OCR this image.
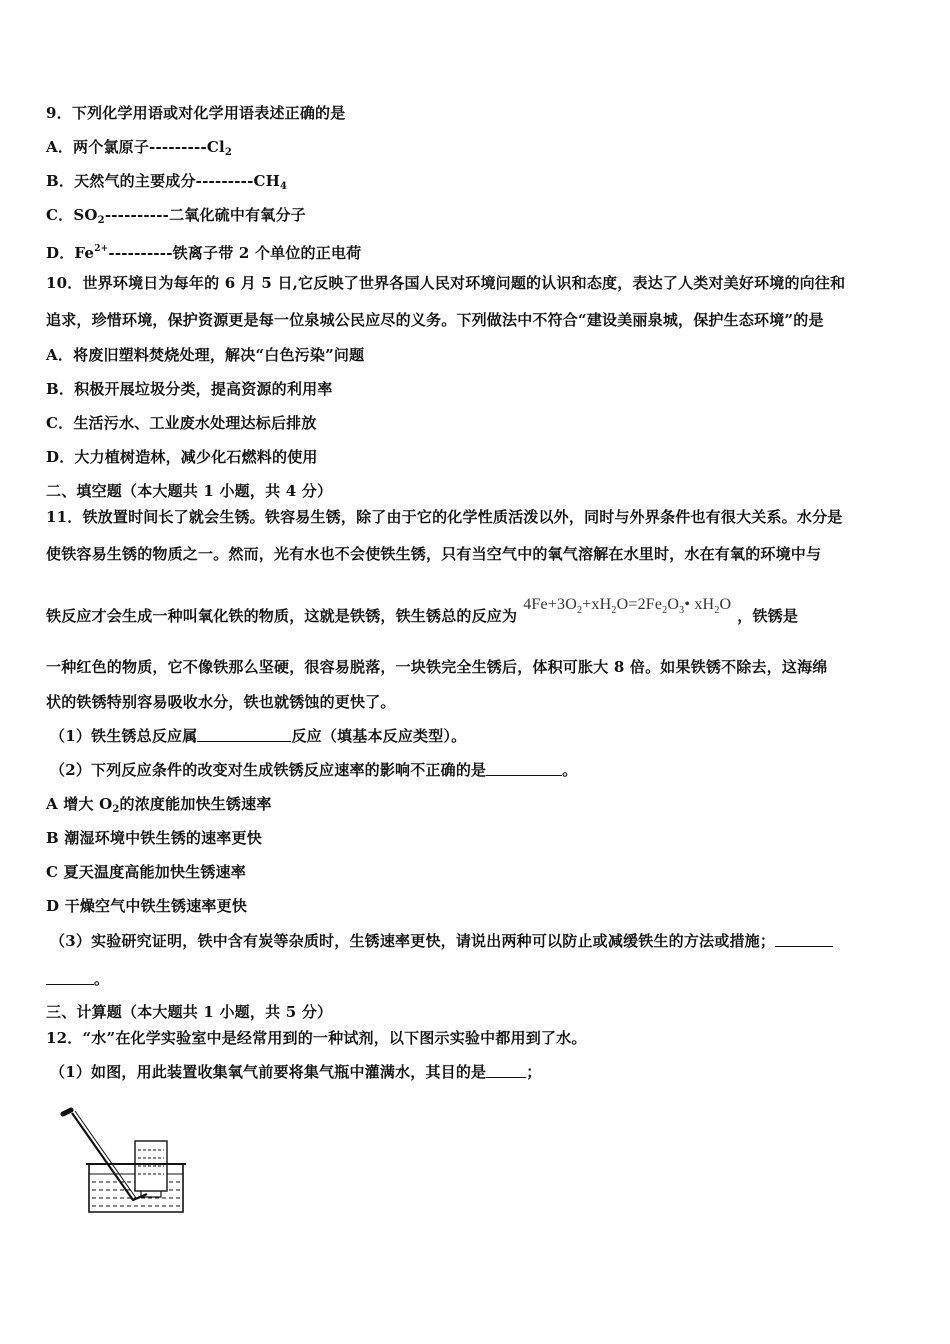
9．下列化学用语或对化学用语表述正确的是
A．两个氯原子$---------Cl_2$
B．天然气的主要成分$---------CH_4$
C．$SO_2----------$二氧化硫中有氧分子
D．$Fe^{2+}----------$铁离子带 2 个单位的正电荷
10．世界环境日为每年的 6 月 5 日,它反映了世界各国人民对环境问题的认识和态度，表达了人类对美好环境的向往和
追求，珍惜环境，保护资源更是每一位泉城公民应尽的义务。下列做法中不符合“建设美丽泉城，保护生态环境”的是
A．将废旧塑料焚烧处理，解决“白色污染”问题
B．积极开展垃圾分类，提高资源的利用率
C．生活污水、工业废水处理达标后排放
D．大力植树造林，减少化石燃料的使用
二、填空题（本大题共 1 小题，共 4 分）
11．铁放置时间长了就会生锈。铁容易生锈，除了由于它的化学性质活泼以外，同时与外界条件也有很大关系。水分是
使铁容易生锈的物质之一。然而，光有水也不会使铁生锈，只有当空气中的氧气溶解在水里时，水在有氧的环境中与
铁反应才会生成一种叫氧化铁的物质，这就是铁锈，铁生锈总的反应为$4Fe+3O_2+xH_2O=2Fe_2O_3•$ $xH_2O$，铁锈是
一种红色的物质，它不像铁那么坚硬，很容易脱落，一块铁完全生锈后，体积可胀大 8 倍。如果铁锈不除去，这海绵
状的铁锈特别容易吸收水分，铁也就锈蚀的更快了。
（1）铁生锈总反应属	反应（填基本反应类型）。
（2）下列反应条件的改变对生成铁锈反应速率的影响不正确的是	。
A 增大 $O_2$的浓度能加快生锈速率
B 潮湿环境中铁生锈的速率更快
C 夏天温度高能加快生锈速率
D 干燥空气中铁生锈速率更快
（3）实验研究证明，铁中含有炭等杂质时，生锈速率更快，请说出两种可以防止或减缓铁生的方法或措施；
。
三、计算题（本大题共 1 小题，共 5 分）
12．“水”在化学实验室中是经常用到的一种试剂，以下图示实验中都用到了水。
（1）如图，用此装置收集氧气前要将集气瓶中灌满水，其目的是	；
